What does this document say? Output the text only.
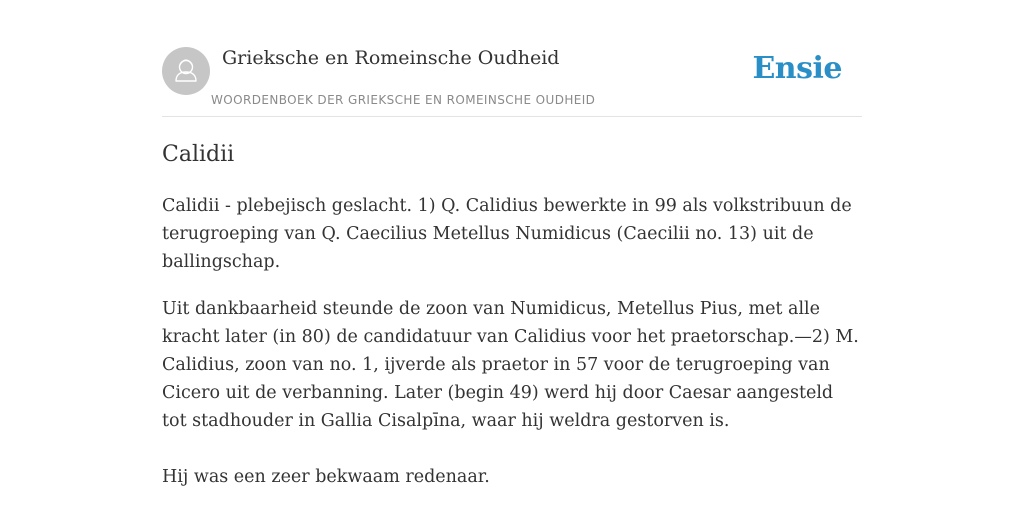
Grieksche en Romeinsche Oudheid
WOORDENBOEK DER GRIEKSCHE EN ROMEINSCHE OUDHEID
Ensie
Calidii

Calidii - plebejisch geslacht. 1) Q. Calidius bewerkte in 99 als volkstribuun de terugroeping van Q. Caecilius Metellus Numidicus (Caecilii no. 13) uit de ballingschap.

Uit dankbaarheid steunde de zoon van Numidicus, Metellus Pius, met alle kracht later (in 80) de candidatuur van Calidius voor het praetorschap.—2) M. Calidius, zoon van no. 1, ijverde als praetor in 57 voor de terugroeping van Cicero uit de verbanning. Later (begin 49) werd hij door Caesar aangesteld tot stadhouder in Gallia Cisalpīna, waar hij weldra gestorven is.

Hij was een zeer bekwaam redenaar.
